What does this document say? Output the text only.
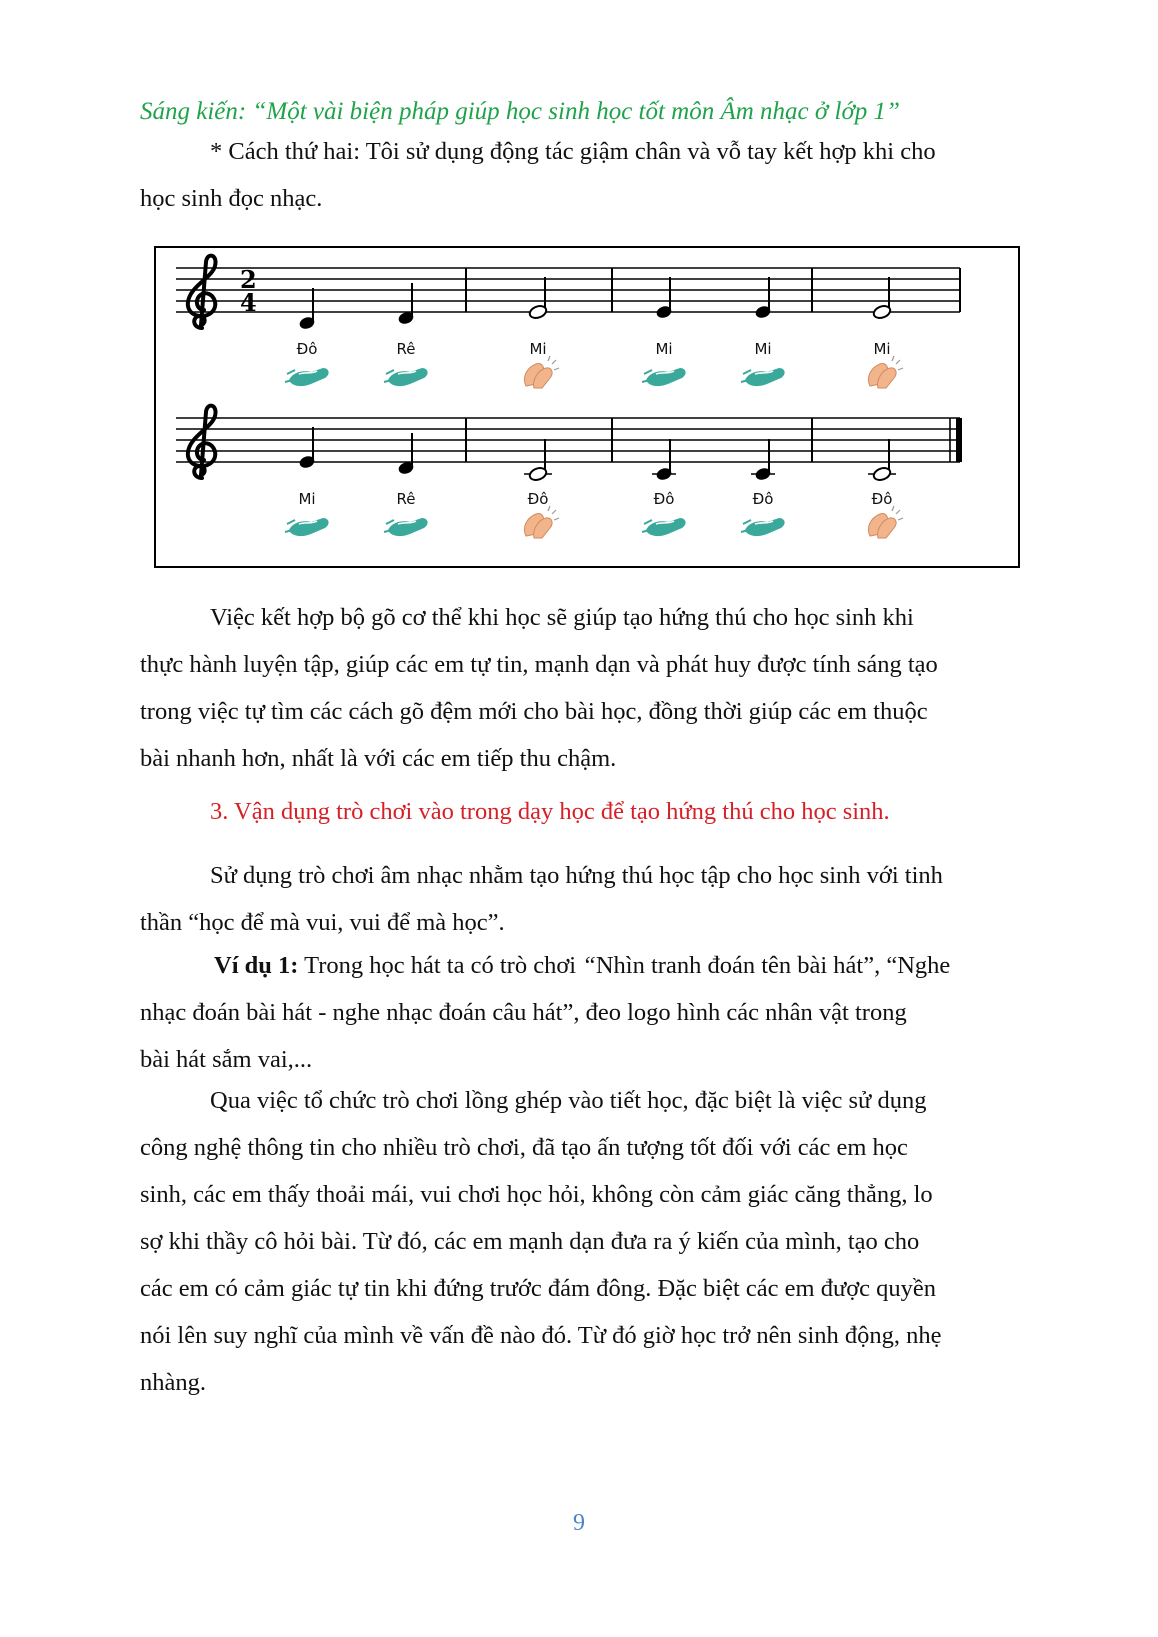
Sáng kiến: “Một vài biện pháp giúp học sinh học tốt môn Âm nhạc ở lớp 1”

* Cách thứ hai: Tôi sử dụng động tác giậm chân và vỗ tay kết hợp khi cho
học sinh đọc nhạc.

2
4
Đô	Rê	Mi	Mi	Mi	Mi
Mi	Rê	Đô	Đô	Đô	Đô

Việc kết hợp bộ gõ cơ thể khi học sẽ giúp tạo hứng thú cho học sinh khi
thực hành luyện tập, giúp các em tự tin, mạnh dạn và phát huy được tính sáng tạo
trong việc tự tìm các cách gõ đệm mới cho bài học, đồng thời giúp các em thuộc
bài nhanh hơn, nhất là với các em tiếp thu chậm.

3. Vận dụng trò chơi vào trong dạy học để tạo hứng thú cho học sinh.

Sử dụng trò chơi âm nhạc nhằm tạo hứng thú học tập cho học sinh với tinh
thần “học để mà vui, vui để mà học”.

Ví dụ 1: Trong học hát ta có trò chơi “Nhìn tranh đoán tên bài hát”, “Nghe
nhạc đoán bài hát - nghe nhạc đoán câu hát”, đeo logo hình các nhân vật trong
bài hát sắm vai,...

Qua việc tổ chức trò chơi lồng ghép vào tiết học, đặc biệt là việc sử dụng
công nghệ thông tin cho nhiều trò chơi, đã tạo ấn tượng tốt đối với các em học
sinh, các em thấy thoải mái, vui chơi học hỏi, không còn cảm giác căng thẳng, lo
sợ khi thầy cô hỏi bài. Từ đó, các em mạnh dạn đưa ra ý kiến của mình, tạo cho
các em có cảm giác tự tin khi đứng trước đám đông. Đặc biệt các em được quyền
nói lên suy nghĩ của mình về vấn đề nào đó. Từ đó giờ học trở nên sinh động, nhẹ
nhàng.

9
